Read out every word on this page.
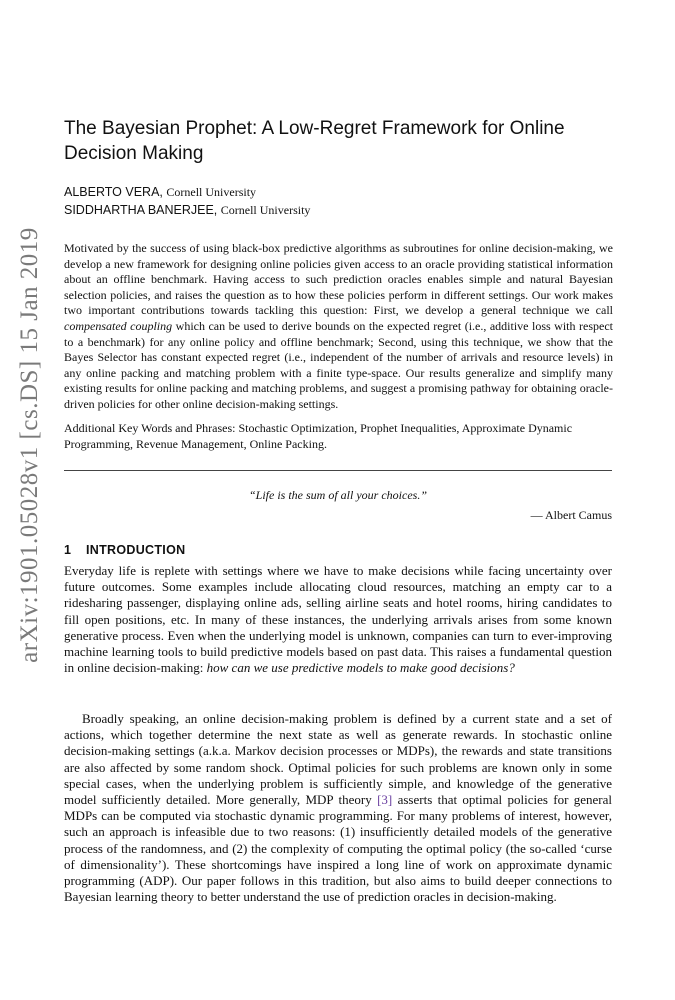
arXiv:1901.05028v1 [cs.DS] 15 Jan 2019
The Bayesian Prophet: A Low-Regret Framework for Online Decision Making
ALBERTO VERA, Cornell University
SIDDHARTHA BANERJEE, Cornell University

Motivated by the success of using black-box predictive algorithms as subroutines for online decision-making, we develop a new framework for designing online policies given access to an oracle providing statistical information about an offline benchmark. Having access to such prediction oracles enables simple and natural Bayesian selection policies, and raises the question as to how these policies perform in different settings. Our work makes two important contributions towards tackling this question: First, we develop a general technique we call compensated coupling which can be used to derive bounds on the expected regret (i.e., additive loss with respect to a benchmark) for any online policy and offline benchmark; Second, using this technique, we show that the Bayes Selector has constant expected regret (i.e., independent of the number of arrivals and resource levels) in any online packing and matching problem with a finite type-space. Our results generalize and simplify many existing results for online packing and matching problems, and suggest a promising pathway for obtaining oracle-driven policies for other online decision-making settings.

Additional Key Words and Phrases: Stochastic Optimization, Prophet Inequalities, Approximate Dynamic Programming, Revenue Management, Online Packing.

“Life is the sum of all your choices.”
— Albert Camus
1 INTRODUCTION

Everyday life is replete with settings where we have to make decisions while facing uncertainty over future outcomes. Some examples include allocating cloud resources, matching an empty car to a ridesharing passenger, displaying online ads, selling airline seats and hotel rooms, hiring candidates to fill open positions, etc. In many of these instances, the underlying arrivals arises from some known generative process. Even when the underlying model is unknown, companies can turn to ever-improving machine learning tools to build predictive models based on past data. This raises a fundamental question in online decision-making: how can we use predictive models to make good decisions?

Broadly speaking, an online decision-making problem is defined by a current state and a set of actions, which together determine the next state as well as generate rewards. In stochastic online decision-making settings (a.k.a. Markov decision processes or MDPs), the rewards and state transitions are also affected by some random shock. Optimal policies for such problems are known only in some special cases, when the underlying problem is sufficiently simple, and knowledge of the generative model sufficiently detailed. More generally, MDP theory [3] asserts that optimal policies for general MDPs can be computed via stochastic dynamic programming. For many problems of interest, however, such an approach is infeasible due to two reasons: (1) insufficiently detailed models of the generative process of the randomness, and (2) the complexity of computing the optimal policy (the so-called ‘curse of dimensionality’). These shortcomings have inspired a long line of work on approximate dynamic programming (ADP). Our paper follows in this tradition, but also aims to build deeper connections to Bayesian learning theory to better understand the use of prediction oracles in decision-making.
